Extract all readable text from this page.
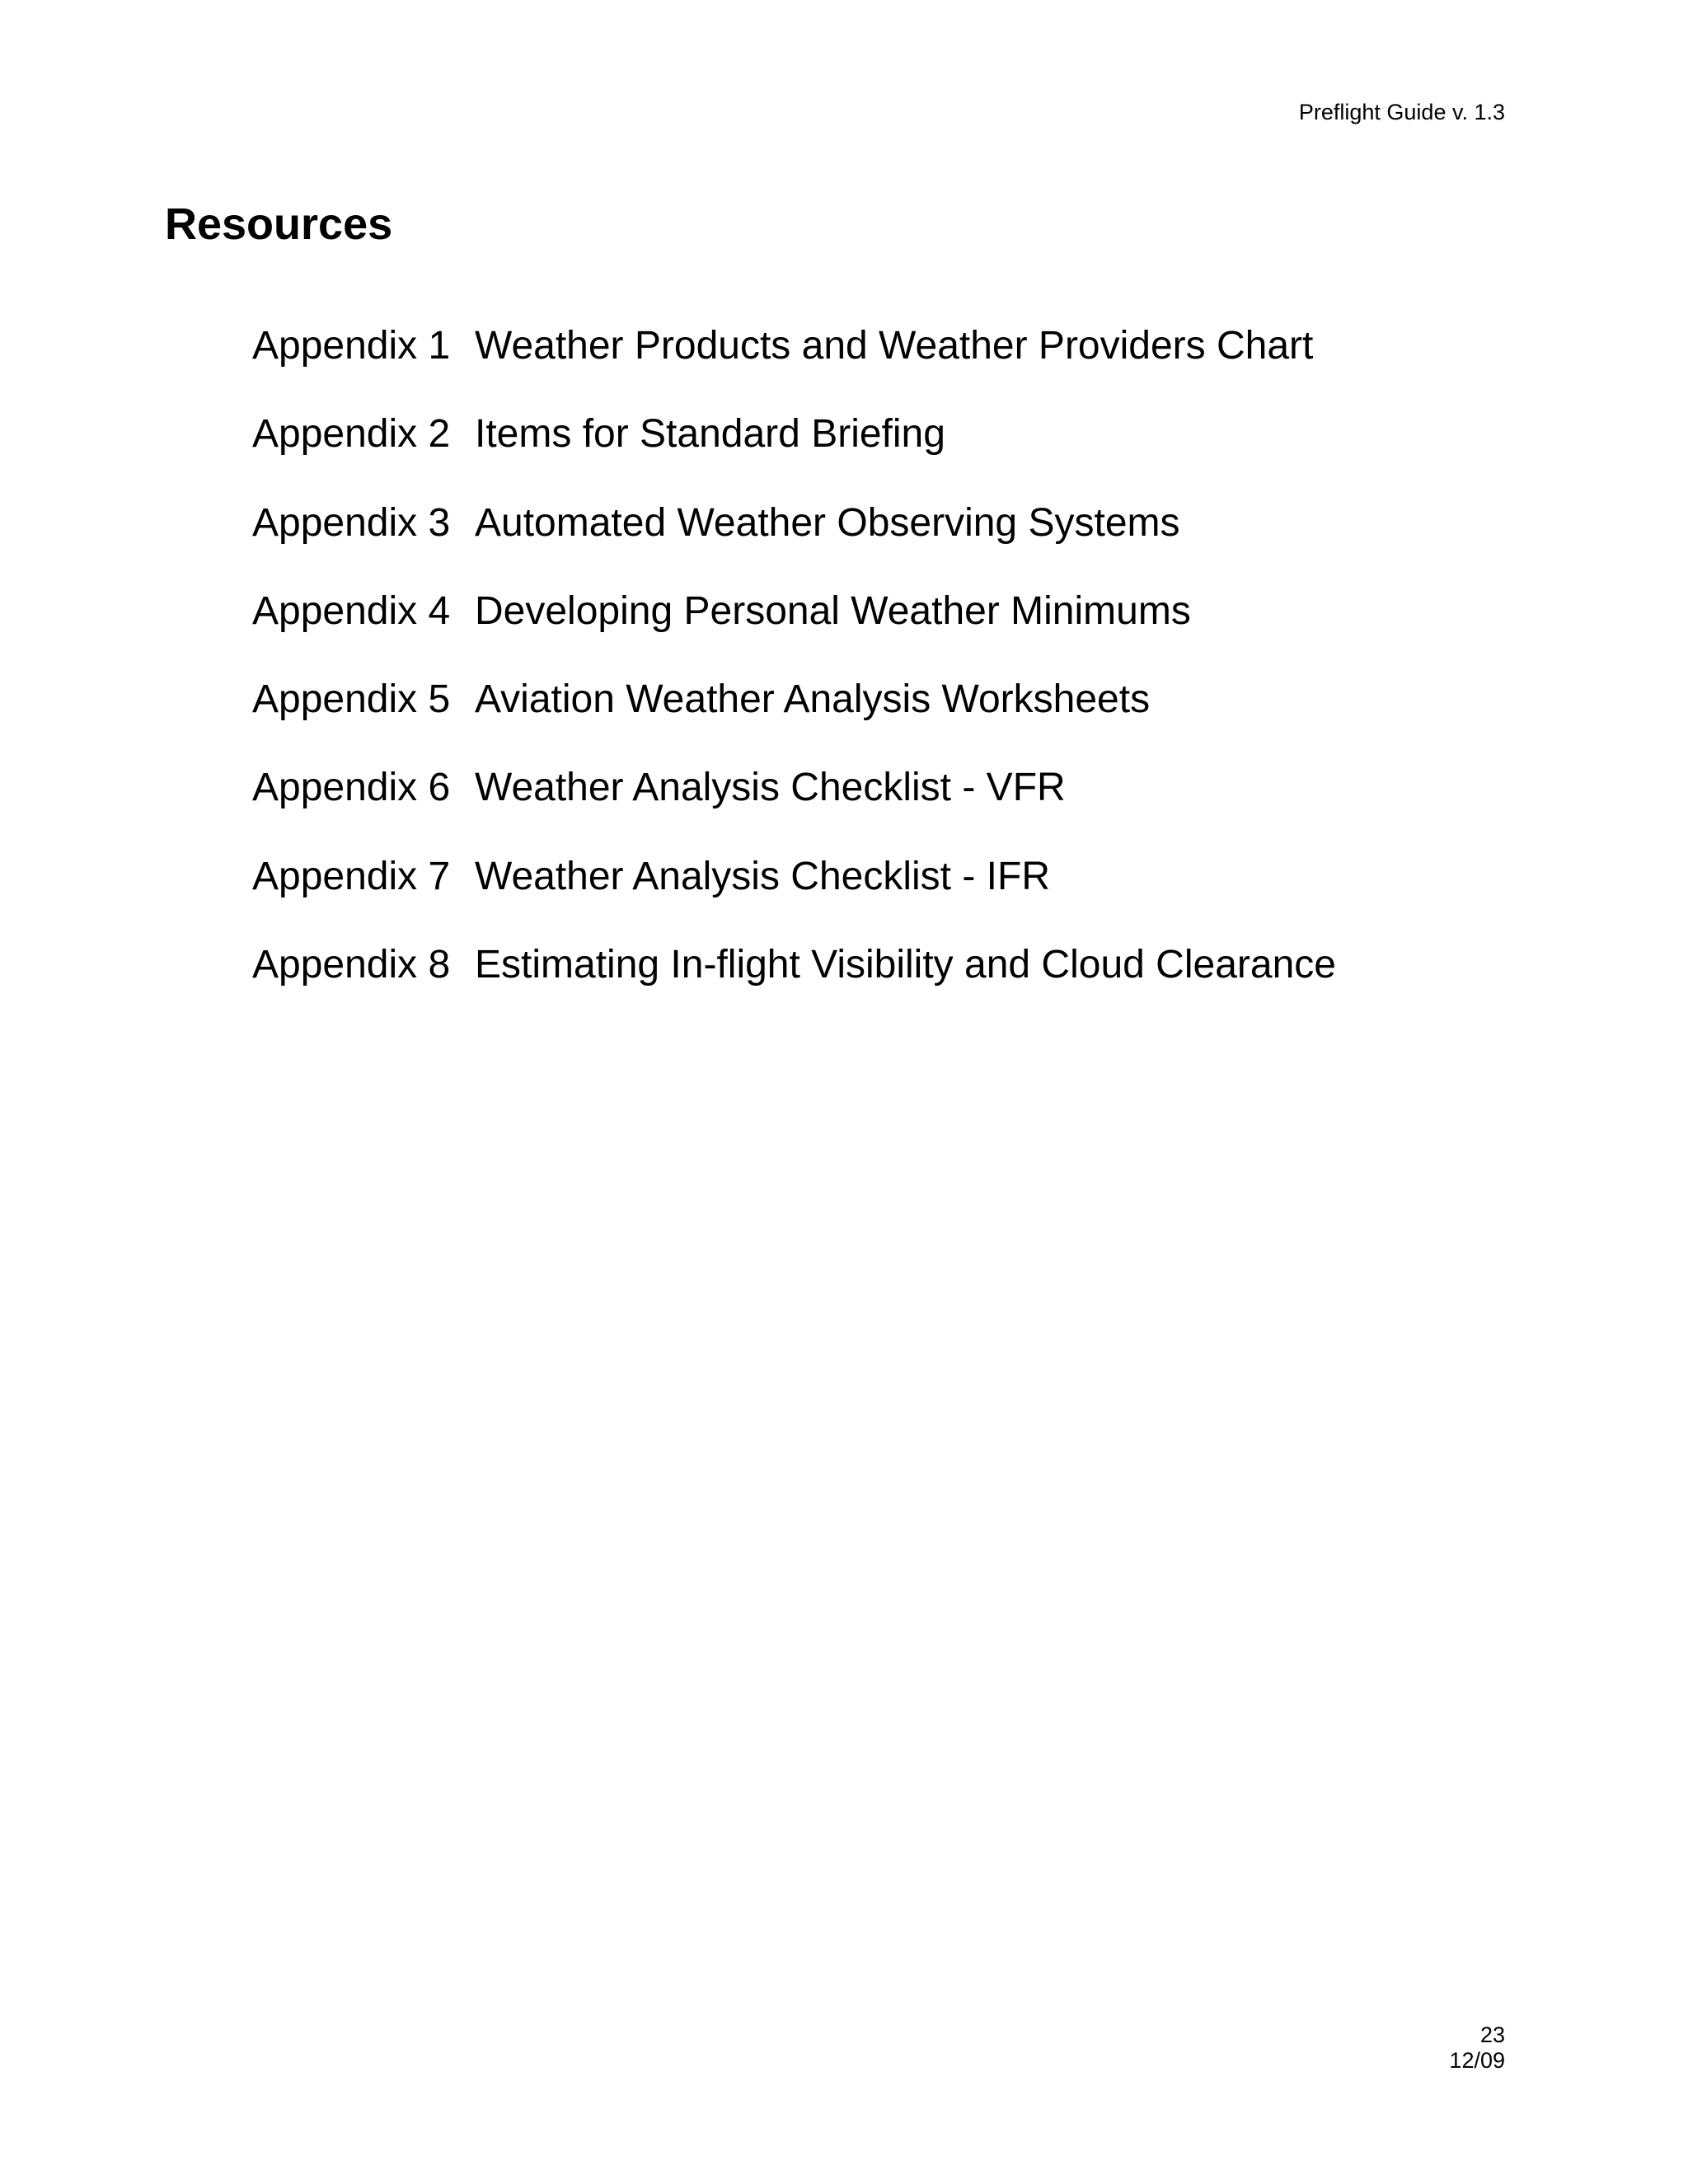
Preflight Guide v. 1.3
Resources
Appendix 1 Weather Products and Weather Providers Chart
Appendix 2 Items for Standard Briefing
Appendix 3 Automated Weather Observing Systems
Appendix 4 Developing Personal Weather Minimums
Appendix 5 Aviation Weather Analysis Worksheets
Appendix 6 Weather Analysis Checklist - VFR
Appendix 7 Weather Analysis Checklist - IFR
Appendix 8 Estimating In-flight Visibility and Cloud Clearance
23
12/09
